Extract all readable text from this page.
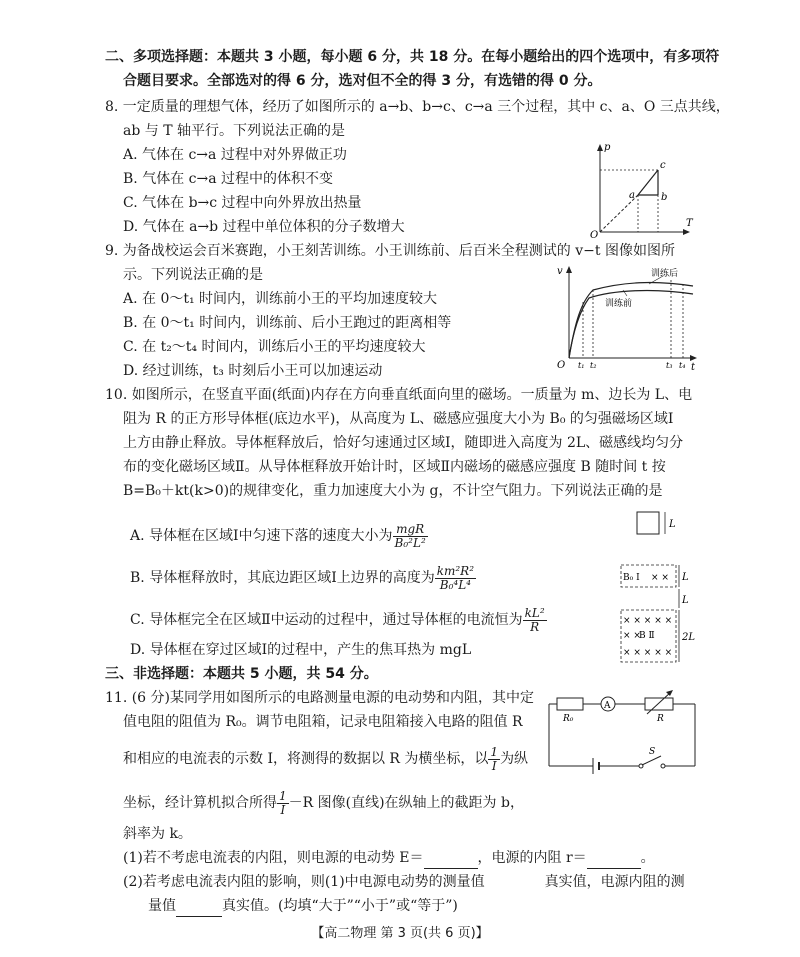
二、多项选择题：本题共 3 小题，每小题 6 分，共 18 分。在每小题给出的四个选项中，有多项符
合题目要求。全部选对的得 6 分，选对但不全的得 3 分，有选错的得 0 分。
8. 一定质量的理想气体，经历了如图所示的 a→b、b→c、c→a 三个过程，其中 c、a、O 三点共线，
ab 与 T 轴平行。下列说法正确的是
A. 气体在 c→a 过程中对外界做正功
B. 气体在 c→a 过程中的体积不变
C. 气体在 b→c 过程中向外界放出热量
D. 气体在 a→b 过程中单位体积的分子数增大
p
T
O
a	b
c
9. 为备战校运会百米赛跑，小王刻苦训练。小王训练前、后百米全程测试的 v−t 图像如图所
示。下列说法正确的是
A. 在 0～t₁ 时间内，训练前小王的平均加速度较大
B. 在 0～t₁ 时间内，训练前、后小王跑过的距离相等
C. 在 t₂～t₄ 时间内，训练后小王的平均速度较大
D. 经过训练，t₃ 时刻后小王可以加速运动
v
t
O t₁ t₂	t₃ t₄
训练后
训练前
10. 如图所示，在竖直平面(纸面)内存在方向垂直纸面向里的磁场。一质量为 m、边长为 L、电
阻为 R 的正方形导体框(底边水平)，从高度为 L、磁感应强度大小为 B₀ 的匀强磁场区域Ⅰ
上方由静止释放。导体框释放后，恰好匀速通过区域Ⅰ，随即进入高度为 2L、磁感线均匀分
布的变化磁场区域Ⅱ。从导体框释放开始计时，区域Ⅱ内磁场的磁感应强度 B 随时间 t 按
B=B₀＋kt(k>0)的规律变化，重力加速度大小为 g，不计空气阻力。下列说法正确的是
A. 导体框在区域Ⅰ中匀速下落的速度大小为 $\frac{\text{mgR}}{\text{B₀²L²}}$
B. 导体框释放时，其底边距区域Ⅰ上边界的高度为 $\frac{\text{km²R²}}{\text{B₀⁴L⁴}}$
C. 导体框完全在区域Ⅱ中运动的过程中，通过导体框的电流恒为 $\frac{\text{kL²}}{R}$
D. 导体框在穿过区域Ⅰ的过程中，产生的焦耳热为 mgL
L
B₀ Ⅰ × × L
L
× × × × ×
× ×
B Ⅱ
× × × × ×
2L
三、非选择题：本题共 5 小题，共 54 分。
11. (6 分)某同学用如图所示的电路测量电源的电动势和内阻，其中定
值电阻的阻值为 R₀。调节电阻箱，记录电阻箱接入电路的阻值 R
和相应的电流表的示数 I，将测得的数据以 R 为横坐标，以 $\frac{1}{I}$ 为纵
坐标，经计算机拟合所得 $\frac{1}{I} -R$ 图像(直线)在纵轴上的截距为 b，
斜率为 k。
(1)若不考虑电流表的内阻，则电源的电动势 E＝	，电源的内阻 r＝	。
(2)若考虑电流表内阻的影响，则(1)中电源电动势的测量值	真实值，电源内阻的测
量值	真实值。(均填“大于”“小于”或“等于”)
A
R₀	R
S
【高二物理 第 3 页(共 6 页)】
